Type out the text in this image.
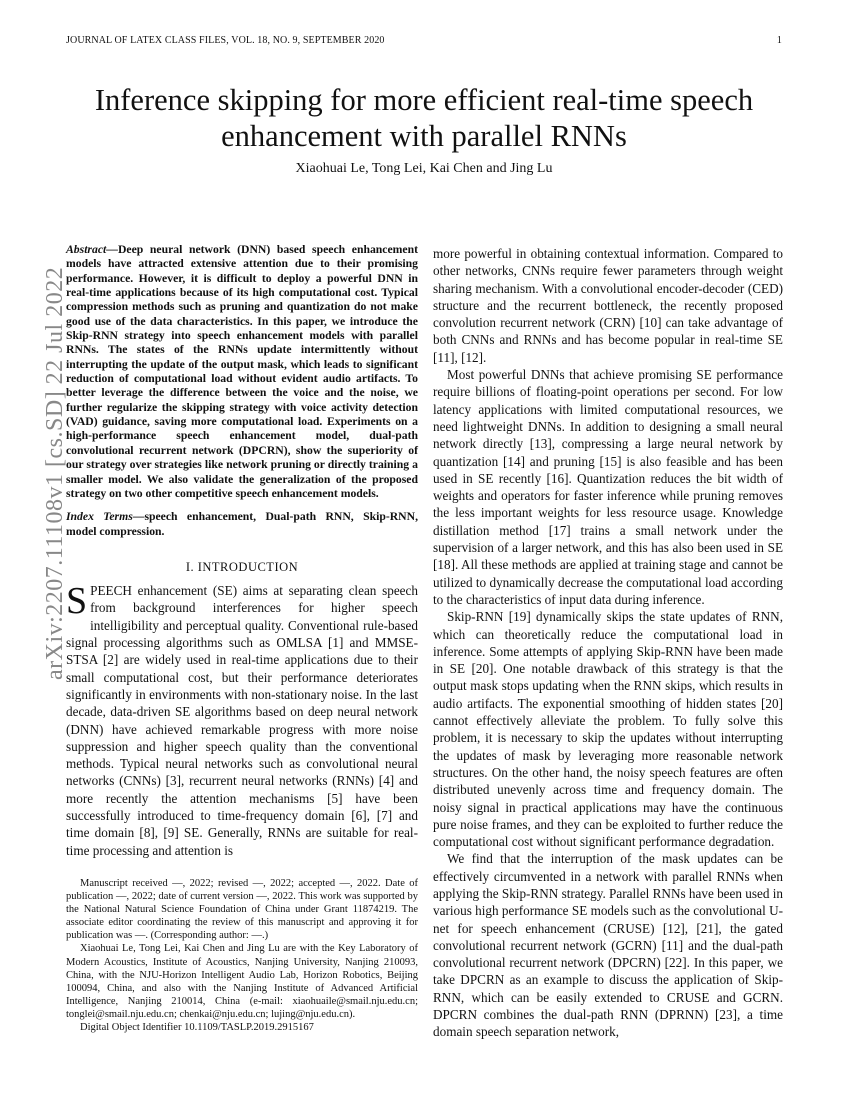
JOURNAL OF LATEX CLASS FILES, VOL. 18, NO. 9, SEPTEMBER 2020	1
arXiv:2207.11108v1 [cs.SD] 22 Jul 2022
Inference skipping for more efficient real-time speech enhancement with parallel RNNs
Xiaohuai Le, Tong Lei, Kai Chen and Jing Lu

Abstract—Deep neural network (DNN) based speech enhancement models have attracted extensive attention due to their promising performance. However, it is difficult to deploy a powerful DNN in real-time applications because of its high computational cost. Typical compression methods such as pruning and quantization do not make good use of the data characteristics. In this paper, we introduce the Skip-RNN strategy into speech enhancement models with parallel RNNs. The states of the RNNs update intermittently without interrupting the update of the output mask, which leads to significant reduction of computational load without evident audio artifacts. To better leverage the difference between the voice and the noise, we further regularize the skipping strategy with voice activity detection (VAD) guidance, saving more computational load. Experiments on a high-performance speech enhancement model, dual-path convolutional recurrent network (DPCRN), show the superiority of our strategy over strategies like network pruning or directly training a smaller model. We also validate the generalization of the proposed strategy on two other competitive speech enhancement models.

Index Terms—speech enhancement, Dual-path RNN, Skip-RNN, model compression.

I. INTRODUCTION

SPEECH enhancement (SE) aims at separating clean speech from background interferences for higher speech intelligibility and perceptual quality. Conventional rule-based signal processing algorithms such as OMLSA [1] and MMSE-STSA [2] are widely used in real-time applications due to their small computational cost, but their performance deteriorates significantly in environments with non-stationary noise. In the last decade, data-driven SE algorithms based on deep neural network (DNN) have achieved remarkable progress with more noise suppression and higher speech quality than the conventional methods. Typical neural networks such as convolutional neural networks (CNNs) [3], recurrent neural networks (RNNs) [4] and more recently the attention mechanisms [5] have been successfully introduced to time-frequency domain [6], [7] and time domain [8], [9] SE. Generally, RNNs are suitable for real-time processing and attention is

Manuscript received —, 2022; revised —, 2022; accepted —, 2022. Date of publication —, 2022; date of current version —, 2022. This work was supported by the National Natural Science Foundation of China under Grant 11874219. The associate editor coordinating the review of this manuscript and approving it for publication was —. (Corresponding author: —.)

Xiaohuai Le, Tong Lei, Kai Chen and Jing Lu are with the Key Laboratory of Modern Acoustics, Institute of Acoustics, Nanjing University, Nanjing 210093, China, with the NJU-Horizon Intelligent Audio Lab, Horizon Robotics, Beijing 100094, China, and also with the Nanjing Institute of Advanced Artificial Intelligence, Nanjing 210014, China (e-mail: xiaohuaile@smail.nju.edu.cn; tonglei@smail.nju.edu.cn; chenkai@nju.edu.cn; lujing@nju.edu.cn).

Digital Object Identifier 10.1109/TASLP.2019.2915167

more powerful in obtaining contextual information. Compared to other networks, CNNs require fewer parameters through weight sharing mechanism. With a convolutional encoder-decoder (CED) structure and the recurrent bottleneck, the recently proposed convolution recurrent network (CRN) [10] can take advantage of both CNNs and RNNs and has become popular in real-time SE [11], [12].

Most powerful DNNs that achieve promising SE performance require billions of floating-point operations per second. For low latency applications with limited computational resources, we need lightweight DNNs. In addition to designing a small neural network directly [13], compressing a large neural network by quantization [14] and pruning [15] is also feasible and has been used in SE recently [16]. Quantization reduces the bit width of weights and operators for faster inference while pruning removes the less important weights for less resource usage. Knowledge distillation method [17] trains a small network under the supervision of a larger network, and this has also been used in SE [18]. All these methods are applied at training stage and cannot be utilized to dynamically decrease the computational load according to the characteristics of input data during inference.

Skip-RNN [19] dynamically skips the state updates of RNN, which can theoretically reduce the computational load in inference. Some attempts of applying Skip-RNN have been made in SE [20]. One notable drawback of this strategy is that the output mask stops updating when the RNN skips, which results in audio artifacts. The exponential smoothing of hidden states [20] cannot effectively alleviate the problem. To fully solve this problem, it is necessary to skip the updates without interrupting the updates of mask by leveraging more reasonable network structures. On the other hand, the noisy speech features are often distributed unevenly across time and frequency domain. The noisy signal in practical applications may have the continuous pure noise frames, and they can be exploited to further reduce the computational cost without significant performance degradation.

We find that the interruption of the mask updates can be effectively circumvented in a network with parallel RNNs when applying the Skip-RNN strategy. Parallel RNNs have been used in various high performance SE models such as the convolutional U-net for speech enhancement (CRUSE) [12], [21], the gated convolutional recurrent network (GCRN) [11] and the dual-path convolutional recurrent network (DPCRN) [22]. In this paper, we take DPCRN as an example to discuss the application of Skip-RNN, which can be easily extended to CRUSE and GCRN. DPCRN combines the dual-path RNN (DPRNN) [23], a time domain speech separation network,
